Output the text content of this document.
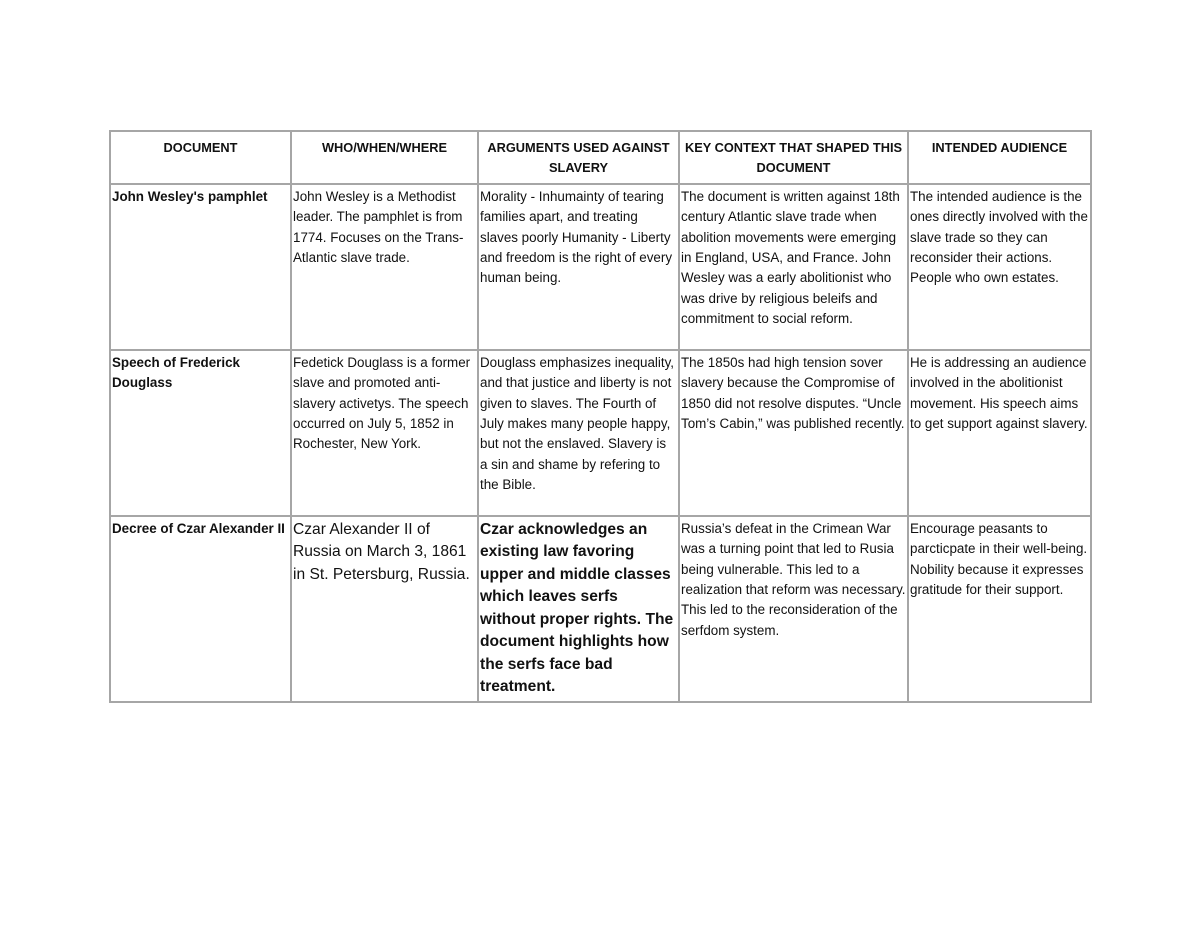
DOCUMENT	WHO/WHEN/WHERE	ARGUMENTS USED AGAINST SLAVERY	KEY CONTEXT THAT SHAPED THIS DOCUMENT	INTENDED AUDIENCE
John Wesley's pamphlet	John Wesley is a Methodist leader. The pamphlet is from 1774. Focuses on the Trans-Atlantic slave trade.	Morality - Inhumainty of tearing families apart, and treating slaves poorly Humanity - Liberty and freedom is the right of every human being.	The document is written against 18th century Atlantic slave trade when abolition movements were emerging in England, USA, and France. John Wesley was a early abolitionist who was drive by religious beleifs and commitment to social reform.	The intended audience is the ones directly involved with the slave trade so they can reconsider their actions. People who own estates.
Speech of Frederick Douglass	Fedetick Douglass is a former slave and promoted anti-slavery activetys. The speech occurred on July 5, 1852 in Rochester, New York.	Douglass emphasizes inequality, and that justice and liberty is not given to slaves. The Fourth of July makes many people happy, but not the enslaved. Slavery is a sin and shame by refering to the Bible.	The 1850s had high tension sover slavery because the Compromise of 1850 did not resolve disputes. “Uncle Tom’s Cabin,” was published recently.	He is addressing an audience involved in the abolitionist movement. His speech aims to get support against slavery.
Decree of Czar Alexander II	Czar Alexander II of Russia on March 3, 1861 in St. Petersburg, Russia.	Czar acknowledges an existing law favoring upper and middle classes which leaves serfs without proper rights. The document highlights how the serfs face bad treatment.	Russia’s defeat in the Crimean War was a turning point that led to Rusia being vulnerable. This led to a realization that reform was necessary. This led to the reconsideration of the serfdom system.	Encourage peasants to parcticpate in their well-being. Nobility because it expresses gratitude for their support.
